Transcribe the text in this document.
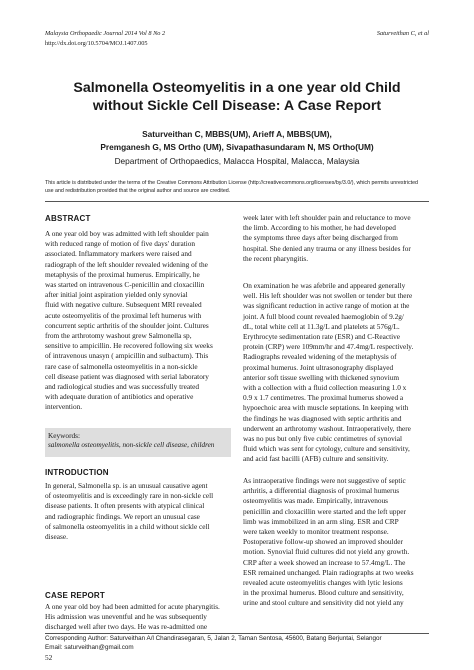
Malaysia Orthopaedic Journal 2014 Vol 8 No 2
http://dx.doi.org/10.5704/MOJ.1407.005
Saturveithan C, et al
Salmonella Osteomyelitis in a one year old Child
without Sickle Cell Disease: A Case Report
Saturveithan C, MBBS(UM), Arieff A, MBBS(UM),
Premganesh G, MS Ortho (UM), Sivapathasundaram N, MS Ortho(UM)
Department of Orthopaedics, Malacca Hospital, Malacca, Malaysia
This article is distributed under the terms of the Creative Commons Attribution License (http://creativecommons.org/licenses/by/3.0/), which permits unrestricted
use and redistribution provided that the original author and source are credited.
ABSTRACT
A one year old boy was admitted with left shoulder pain
with reduced range of motion of five days' duration
associated. Inflammatory markers were raised and
radiograph of the left shoulder revealed widening of the
metaphysis of the proximal humerus. Empirically, he
was started on intravenous C-penicillin and cloxacillin
after initial joint aspiration yielded only synovial
fluid with negative culture. Subsequent MRI revealed
acute osteomyelitis of the proximal left humerus with
concurrent septic arthritis of the shoulder joint. Cultures
from the arthrotomy washout grew Salmonella sp,
sensitive to ampicillin. He recovered following six weeks
of intravenous unasyn ( ampicillin and sulbactum). This
rare case of salmonella osteomyelitis in a non-sickle
cell disease patient was diagnosed with serial laboratory
and radiological studies and was successfully treated
with adequate duration of antibiotics and operative
intervention.
Keywords:
salmonella osteomyelitis, non-sickle cell disease, children
INTRODUCTION
In general, Salmonella sp. is an unusual causative agent
of osteomyelitis and is exceedingly rare in non-sickle cell
disease patients. It often presents with atypical clinical
and radiographic findings. We report an unusual case
of salmonella osteomyelitis in a child without sickle cell
disease.
CASE REPORT
A one year old boy had been admitted for acute pharyngitis.
His admission was uneventful and he was subsequently
discharged well after two days. He was re-admitted one
week later with left shoulder pain and reluctance to move
the limb. According to his mother, he had developed
the symptoms three days after being discharged from
hospital. She denied any trauma or any illness besides for
the recent pharyngitis.
On examination he was afebrile and appeared generally
well. His left shoulder was not swollen or tender but there
was significant reduction in active range of motion at the
joint. A full blood count revealed haemoglobin of 9.2g/
dL, total white cell at 11.3g/L and platelets at 576g/L.
Erythrocyte sedimentation rate (ESR) and C-Reactive
protein (CRP) were 109mm/hr and 47.4mg/L respectively.
Radiographs revealed widening of the metaphysis of
proximal humerus. Joint ultrasonography displayed
anterior soft tissue swelling with thickened synovium
with a collection with a fluid collection measuring 1.0 x
0.9 x 1.7 centimetres. The proximal humerus showed a
hypoechoic area with muscle septations. In keeping with
the findings he was diagnosed with septic arthritis and
underwent an arthrotomy washout. Intraoperatively, there
was no pus but only five cubic centimetres of synovial
fluid which was sent for cytology, culture and sensitivity,
and acid fast bacilli (AFB) culture and sensitivity.
As intraoperative findings were not suggestive of septic
arthritis, a differential diagnosis of proximal humerus
osteomyelitis was made. Empirically, intravenous
penicillin and cloxacillin were started and the left upper
limb was immobilized in an arm sling. ESR and CRP
were taken weekly to monitor treatment response.
Postoperative follow-up showed an improved shoulder
motion. Synovial fluid cultures did not yield any growth.
CRP after a week showed an increase to 57.4mg/L. The
ESR remained unchanged. Plain radiographs at two weeks
revealed acute osteomyelitis changes with lytic lesions
in the proximal humerus. Blood culture and sensitivity,
urine and stool culture and sensitivity did not yield any
Corresponding Author: Saturveithan A/l Chandirasegaran, 5, Jalan 2, Taman Sentosa, 45600, Batang Berjuntai, Selangor
Email: saturveithan@gmail.com
52
